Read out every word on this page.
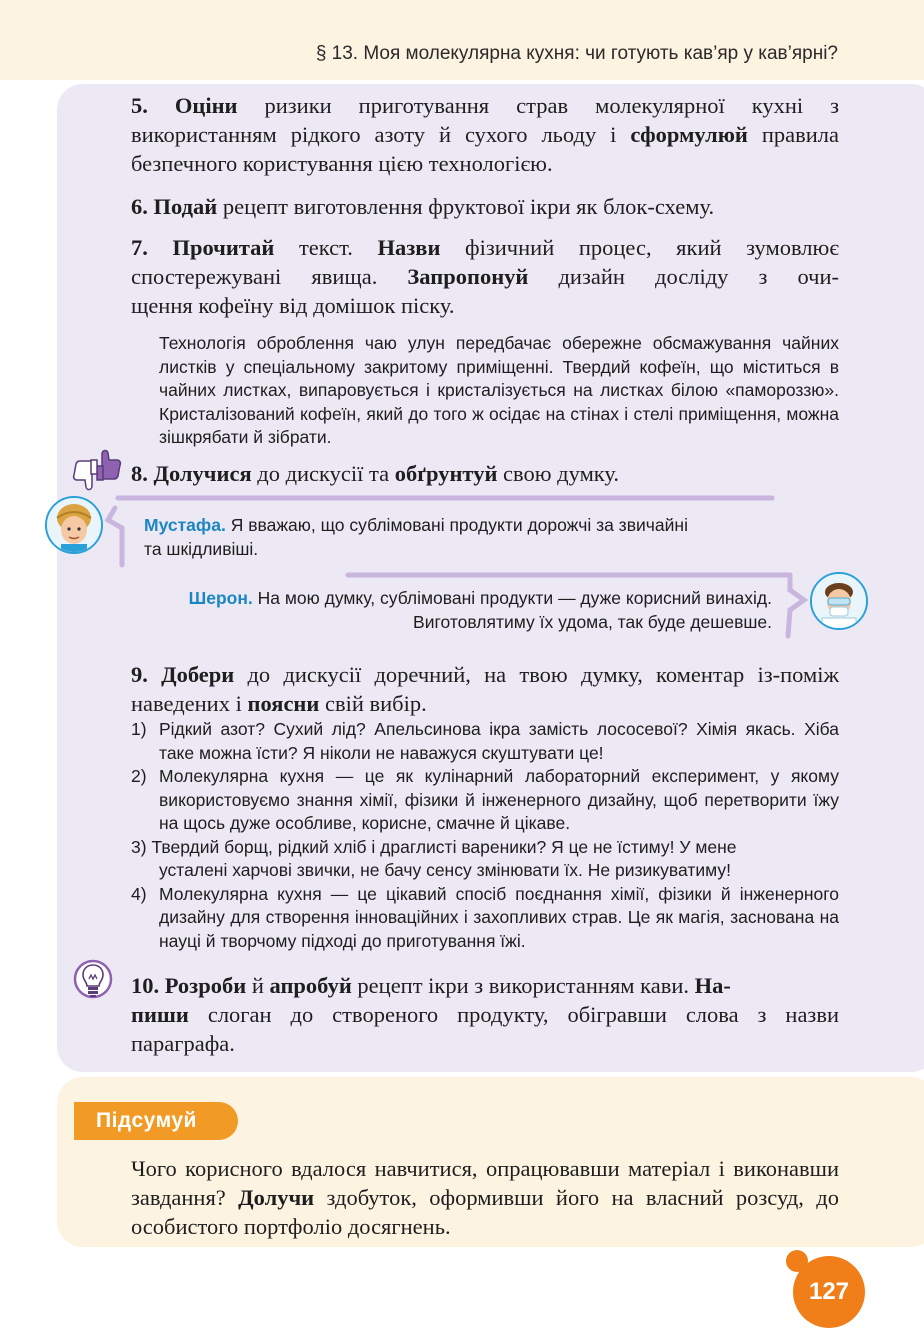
§ 13. Моя молекулярна кухня: чи готують кав’яр у кав’ярні?

5. Оціни ризики приготування страв молекулярної кухні з використанням рідкого азоту й сухого льоду і сформулюй правила безпечного користування цією технологією.

6. Подай рецепт виготовлення фруктової ікри як блок-схему.

7. Прочитай текст. Назви фізичний процес, який зумовлює спостережувані явища. Запропонуй дизайн досліду з очи-
щення кофеїну від домішок піску.

Технологія оброблення чаю улун передбачає обережне обсмажування чайних листків у спеціальному закритому приміщенні. Твердий кофеїн, що міститься в чайних листках, випаровується і кристалізується на листках білою «памороззю». Кристалізований кофеїн, який до того ж осідає на стінах і стелі приміщення, можна зішкрябати й зібрати.

8. Долучися до дискусії та обґрунтуй свою думку.

Мустафа. Я вважаю, що сублімовані продукти дорожчі за звичайні та шкідливіші.

Шерон. На мою думку, сублімовані продукти — дуже корисний винахід. Виготовлятиму їх удома, так буде дешевше.

9. Добери до дискусії доречний, на твою думку, коментар із-поміж наведених і поясни свій вибір.

1) Рідкий азот? Сухий лід? Апельсинова ікра замість лососевої? Хімія якась. Хіба таке можна їсти? Я ніколи не наважуся скуштувати це!
2) Молекулярна кухня — це як кулінарний лабораторний експеримент, у якому використовуємо знання хімії, фізики й інженерного дизайну, щоб перетворити їжу на щось дуже особливе, корисне, смачне й цікаве.
3) Твердий борщ, рідкий хліб і драглисті вареники? Я це не їстиму! У мене
усталені харчові звички, не бачу сенсу змінювати їх. Не ризикуватиму!
4) Молекулярна кухня — це цікавий спосіб поєднання хімії, фізики й інженерного дизайну для створення інноваційних і захопливих страв. Це як магія, заснована на науці й творчому підході до приготування їжі.

10. Розроби й апробуй рецепт ікри з використанням кави. На-
пиши слоган до створеного продукту, обігравши слова з назви параграфа.

Підсумуй

Чого корисного вдалося навчитися, опрацювавши матеріал і виконавши завдання? Долучи здобуток, оформивши його на власний розсуд, до особистого портфоліо досягнень.

127
